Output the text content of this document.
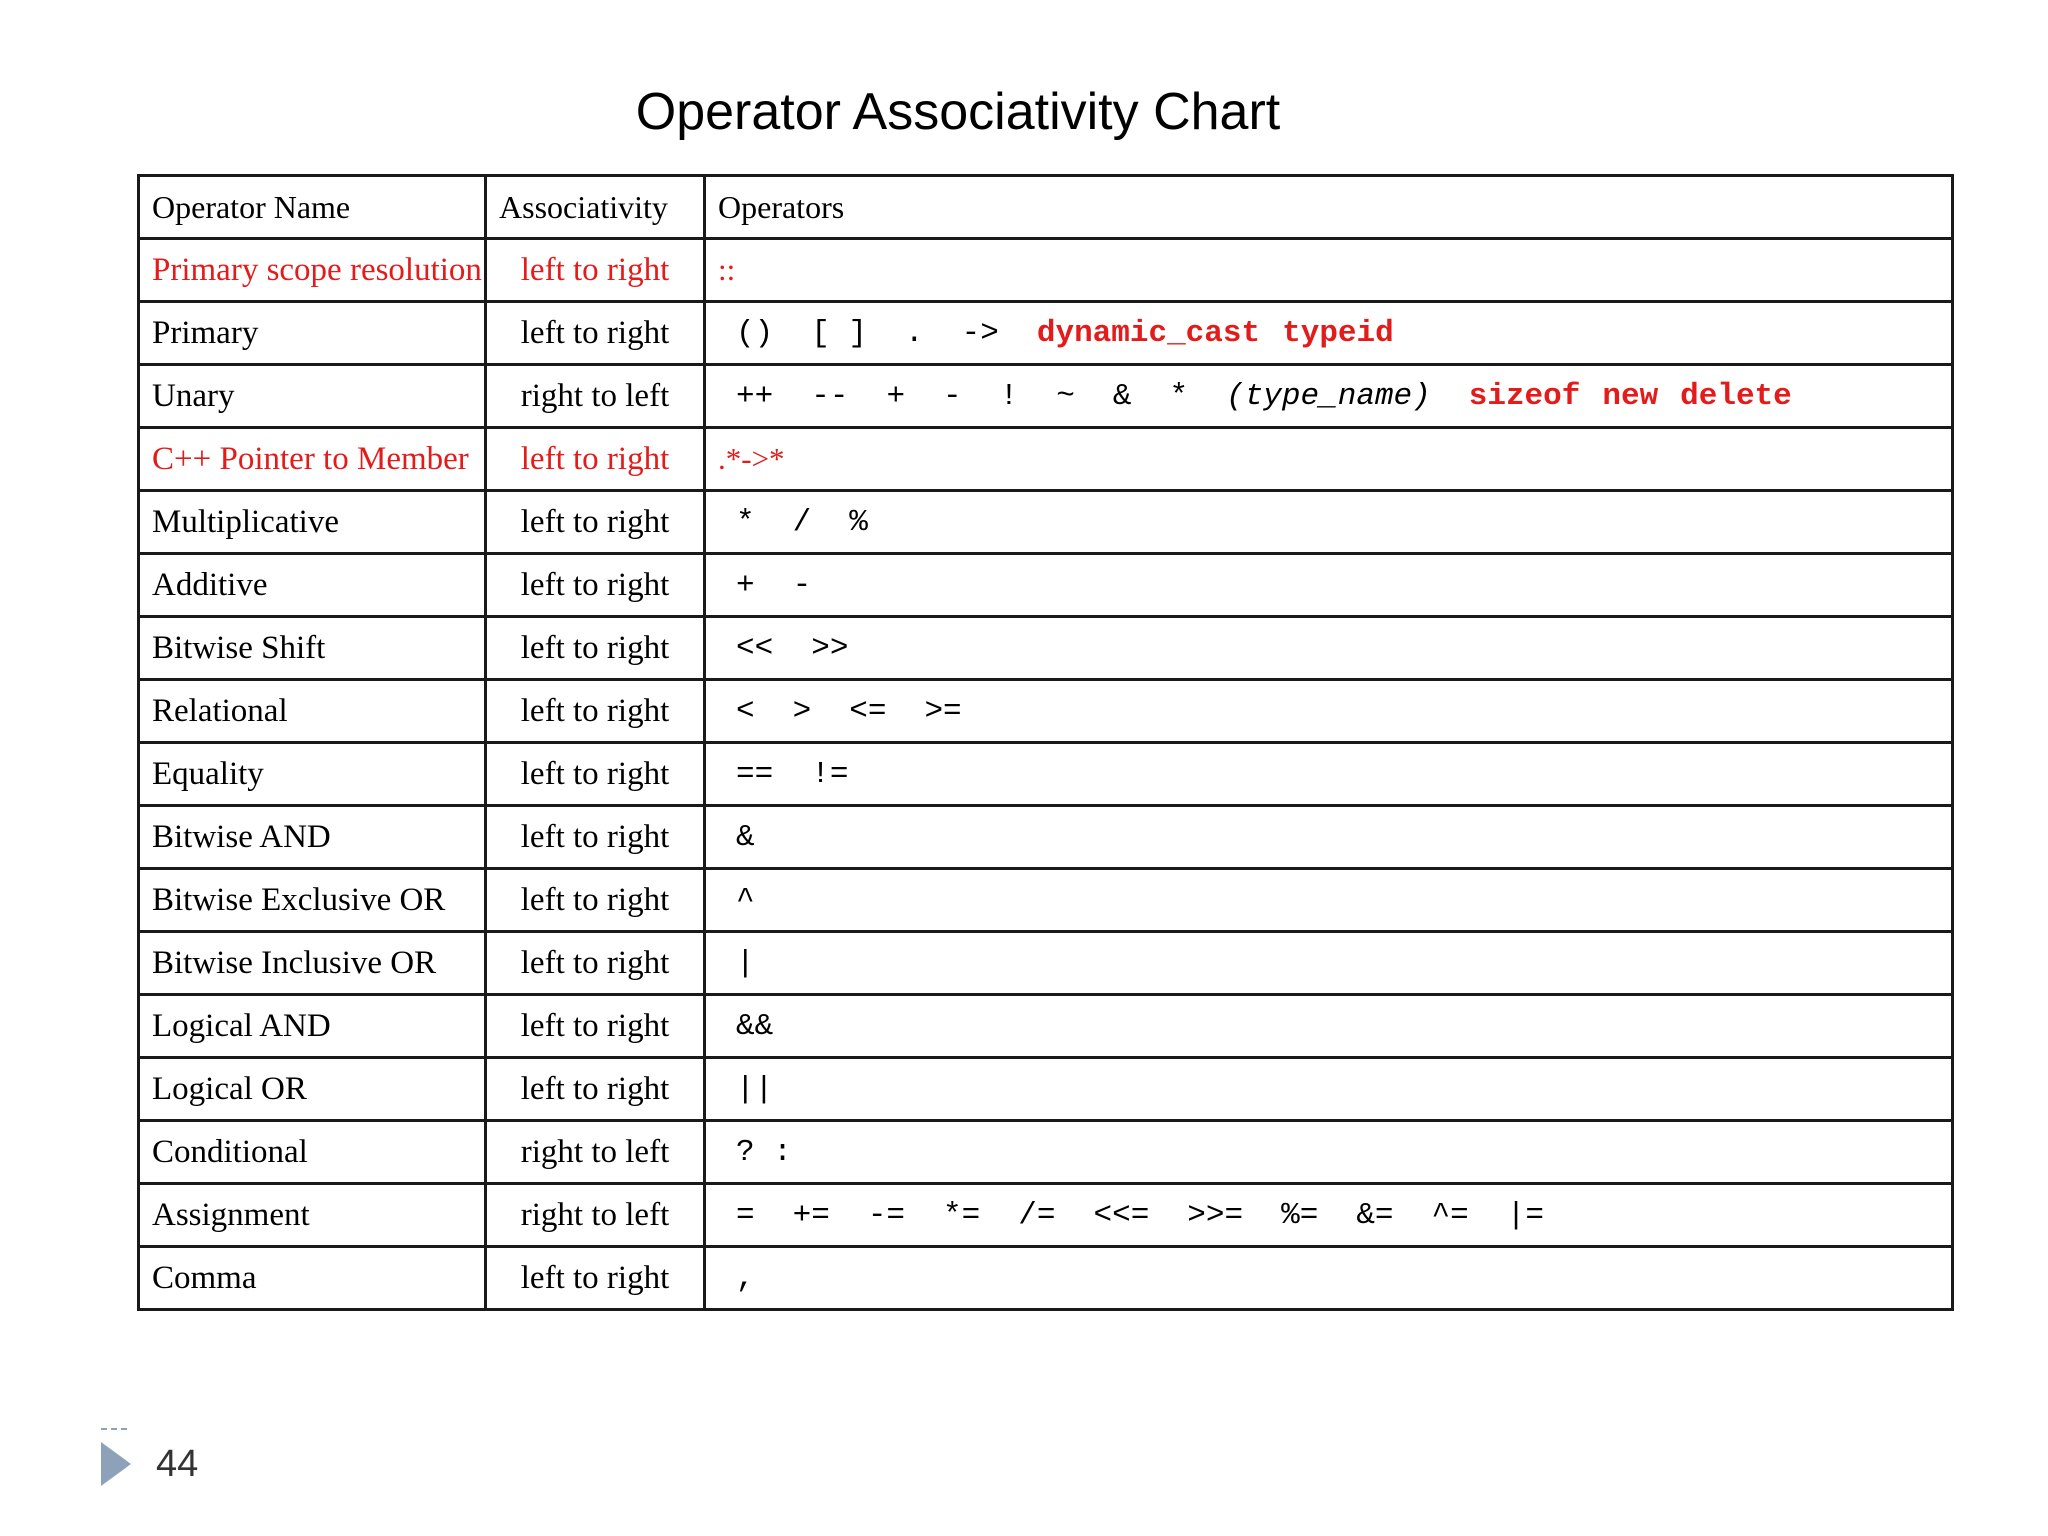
Operator Associativity Chart
Operator Name	Associativity	Operators
Primary scope resolution	left to right	::
Primary	left to right	() [ ] . -> dynamic_cast typeid
Unary	right to left	++ -- + - ! ~ & * (type_name) sizeof new delete
C++ Pointer to Member	left to right	.*->*
Multiplicative	left to right	* / %
Additive	left to right	+ -
Bitwise Shift	left to right	<< >>
Relational	left to right	< > <= >=
Equality	left to right	== !=
Bitwise AND	left to right	&
Bitwise Exclusive OR	left to right	^
Bitwise Inclusive OR	left to right	|
Logical AND	left to right	&&
Logical OR	left to right	||
Conditional	right to left	? :
Assignment	right to left	= += -= *= /= <<= >>= %= &= ^= |=
Comma	left to right	,
44
